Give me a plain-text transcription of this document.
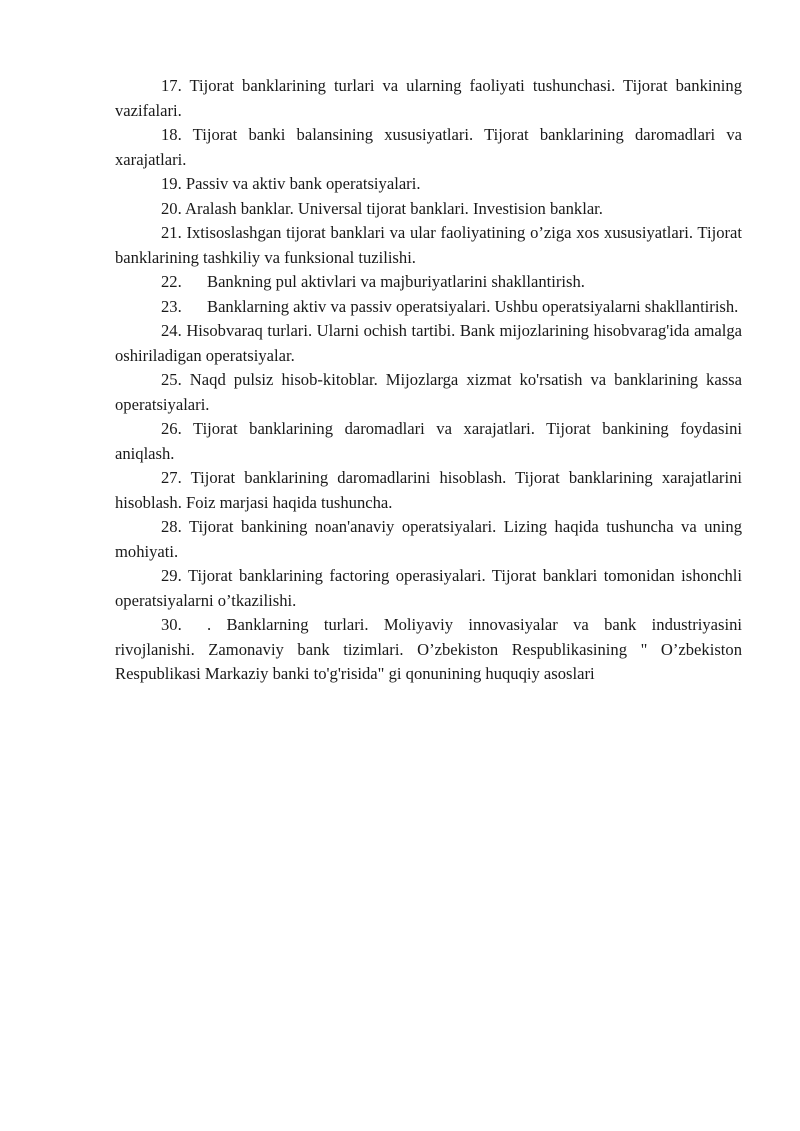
17. Tijorat banklarining turlari va ularning faoliyati tushunchasi. Tijorat bankining vazifalari.

18. Tijorat banki balansining xususiyatlari. Tijorat banklarining daromadlari va xarajatlari.

19. Passiv va aktiv bank operatsiyalari.

20. Aralash banklar. Universal tijorat banklari. Investision banklar.

21. Ixtisoslashgan tijorat banklari va ular faoliyatining o’ziga xos xususiyatlari. Tijorat banklarining tashkiliy va funksional tuzilishi.

22. Bankning pul aktivlari va majburiyatlarini shakllantirish.

23. Banklarning aktiv va passiv operatsiyalari. Ushbu operatsiyalarni shakllantirish.

24. Hisobvaraq turlari. Ularni ochish tartibi. Bank mijozlarining hisobvarag'ida amalga oshiriladigan operatsiyalar.

25. Naqd pulsiz hisob-kitoblar. Mijozlarga xizmat ko'rsatish va banklarining kassa operatsiyalari.

26. Tijorat banklarining daromadlari va xarajatlari. Tijorat bankining foydasini aniqlash.

27. Tijorat banklarining daromadlarini hisoblash. Tijorat banklarining xarajatlarini hisoblash. Foiz marjasi haqida tushuncha.

28. Tijorat bankining noan'anaviy operatsiyalari. Lizing haqida tushuncha va uning mohiyati.

29. Tijorat banklarining factoring operasiyalari. Tijorat banklari tomonidan ishonchli operatsiyalarni o’tkazilishi.

30. . Banklarning turlari. Moliyaviy innovasiyalar va bank industriyasini rivojlanishi. Zamonaviy bank tizimlari. O’zbekiston Respublikasining " O’zbekiston Respublikasi Markaziy banki to'g'risida" gi qonunining huquqiy asoslari
